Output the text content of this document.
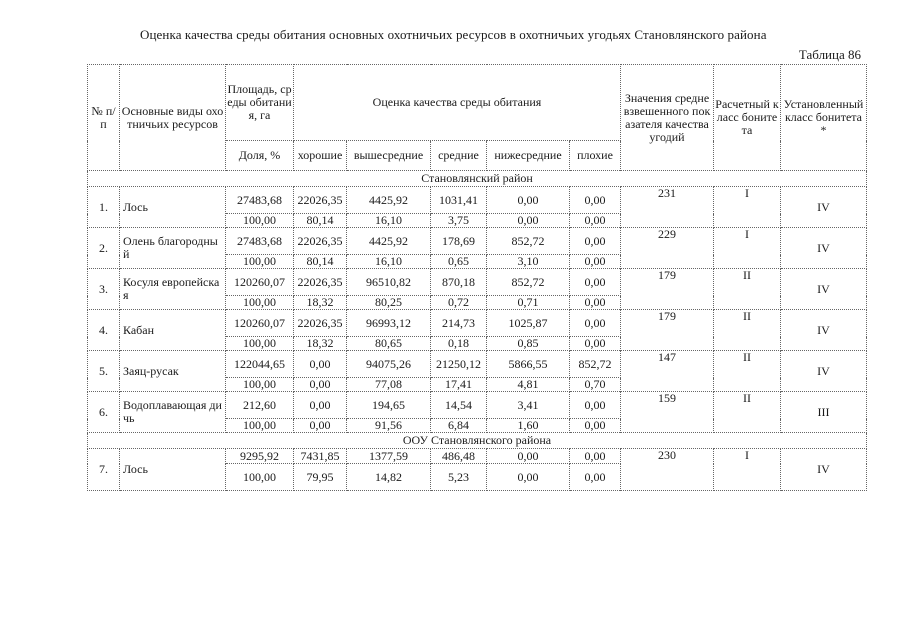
Оценка качества среды обитания основных охотничьих ресурсов в охотничьих угодьях Становлянского района
Таблица 86
№ п/п	Основные виды охотничьих ресурсов	Площадь, среды обитания, га	Оценка качества среды обитания					Значения средневзвешенного показателя качества угодий	Расчетный класс бонитета	Установленный класс бонитета*
		Доля, %	хорошие	вышесредние	средние	нижесредние	плохие			
Становлянский район										
1.	Лось	27483,68	22026,35	4425,92	1031,41	0,00	0,00	231	I	IV
		100,00	80,14	16,10	3,75	0,00	0,00			
2.	Олень благородный	27483,68	22026,35	4425,92	178,69	852,72	0,00	229	I	IV
		100,00	80,14	16,10	0,65	3,10	0,00			
3.	Косуля европейская	120260,07	22026,35	96510,82	870,18	852,72	0,00	179	II	IV
		100,00	18,32	80,25	0,72	0,71	0,00			
4.	Кабан	120260,07	22026,35	96993,12	214,73	1025,87	0,00	179	II	IV
		100,00	18,32	80,65	0,18	0,85	0,00			
5.	Заяц-русак	122044,65	0,00	94075,26	21250,12	5866,55	852,72	147	II	IV
		100,00	0,00	77,08	17,41	4,81	0,70			
6.	Водоплавающая дичь	212,60	0,00	194,65	14,54	3,41	0,00	159	II	III
		100,00	0,00	91,56	6,84	1,60	0,00			
ООУ Становлянского района										
7.	Лось	9295,92	7431,85	1377,59	486,48	0,00	0,00	230	I	IV
		100,00	79,95	14,82	5,23	0,00	0,00			
